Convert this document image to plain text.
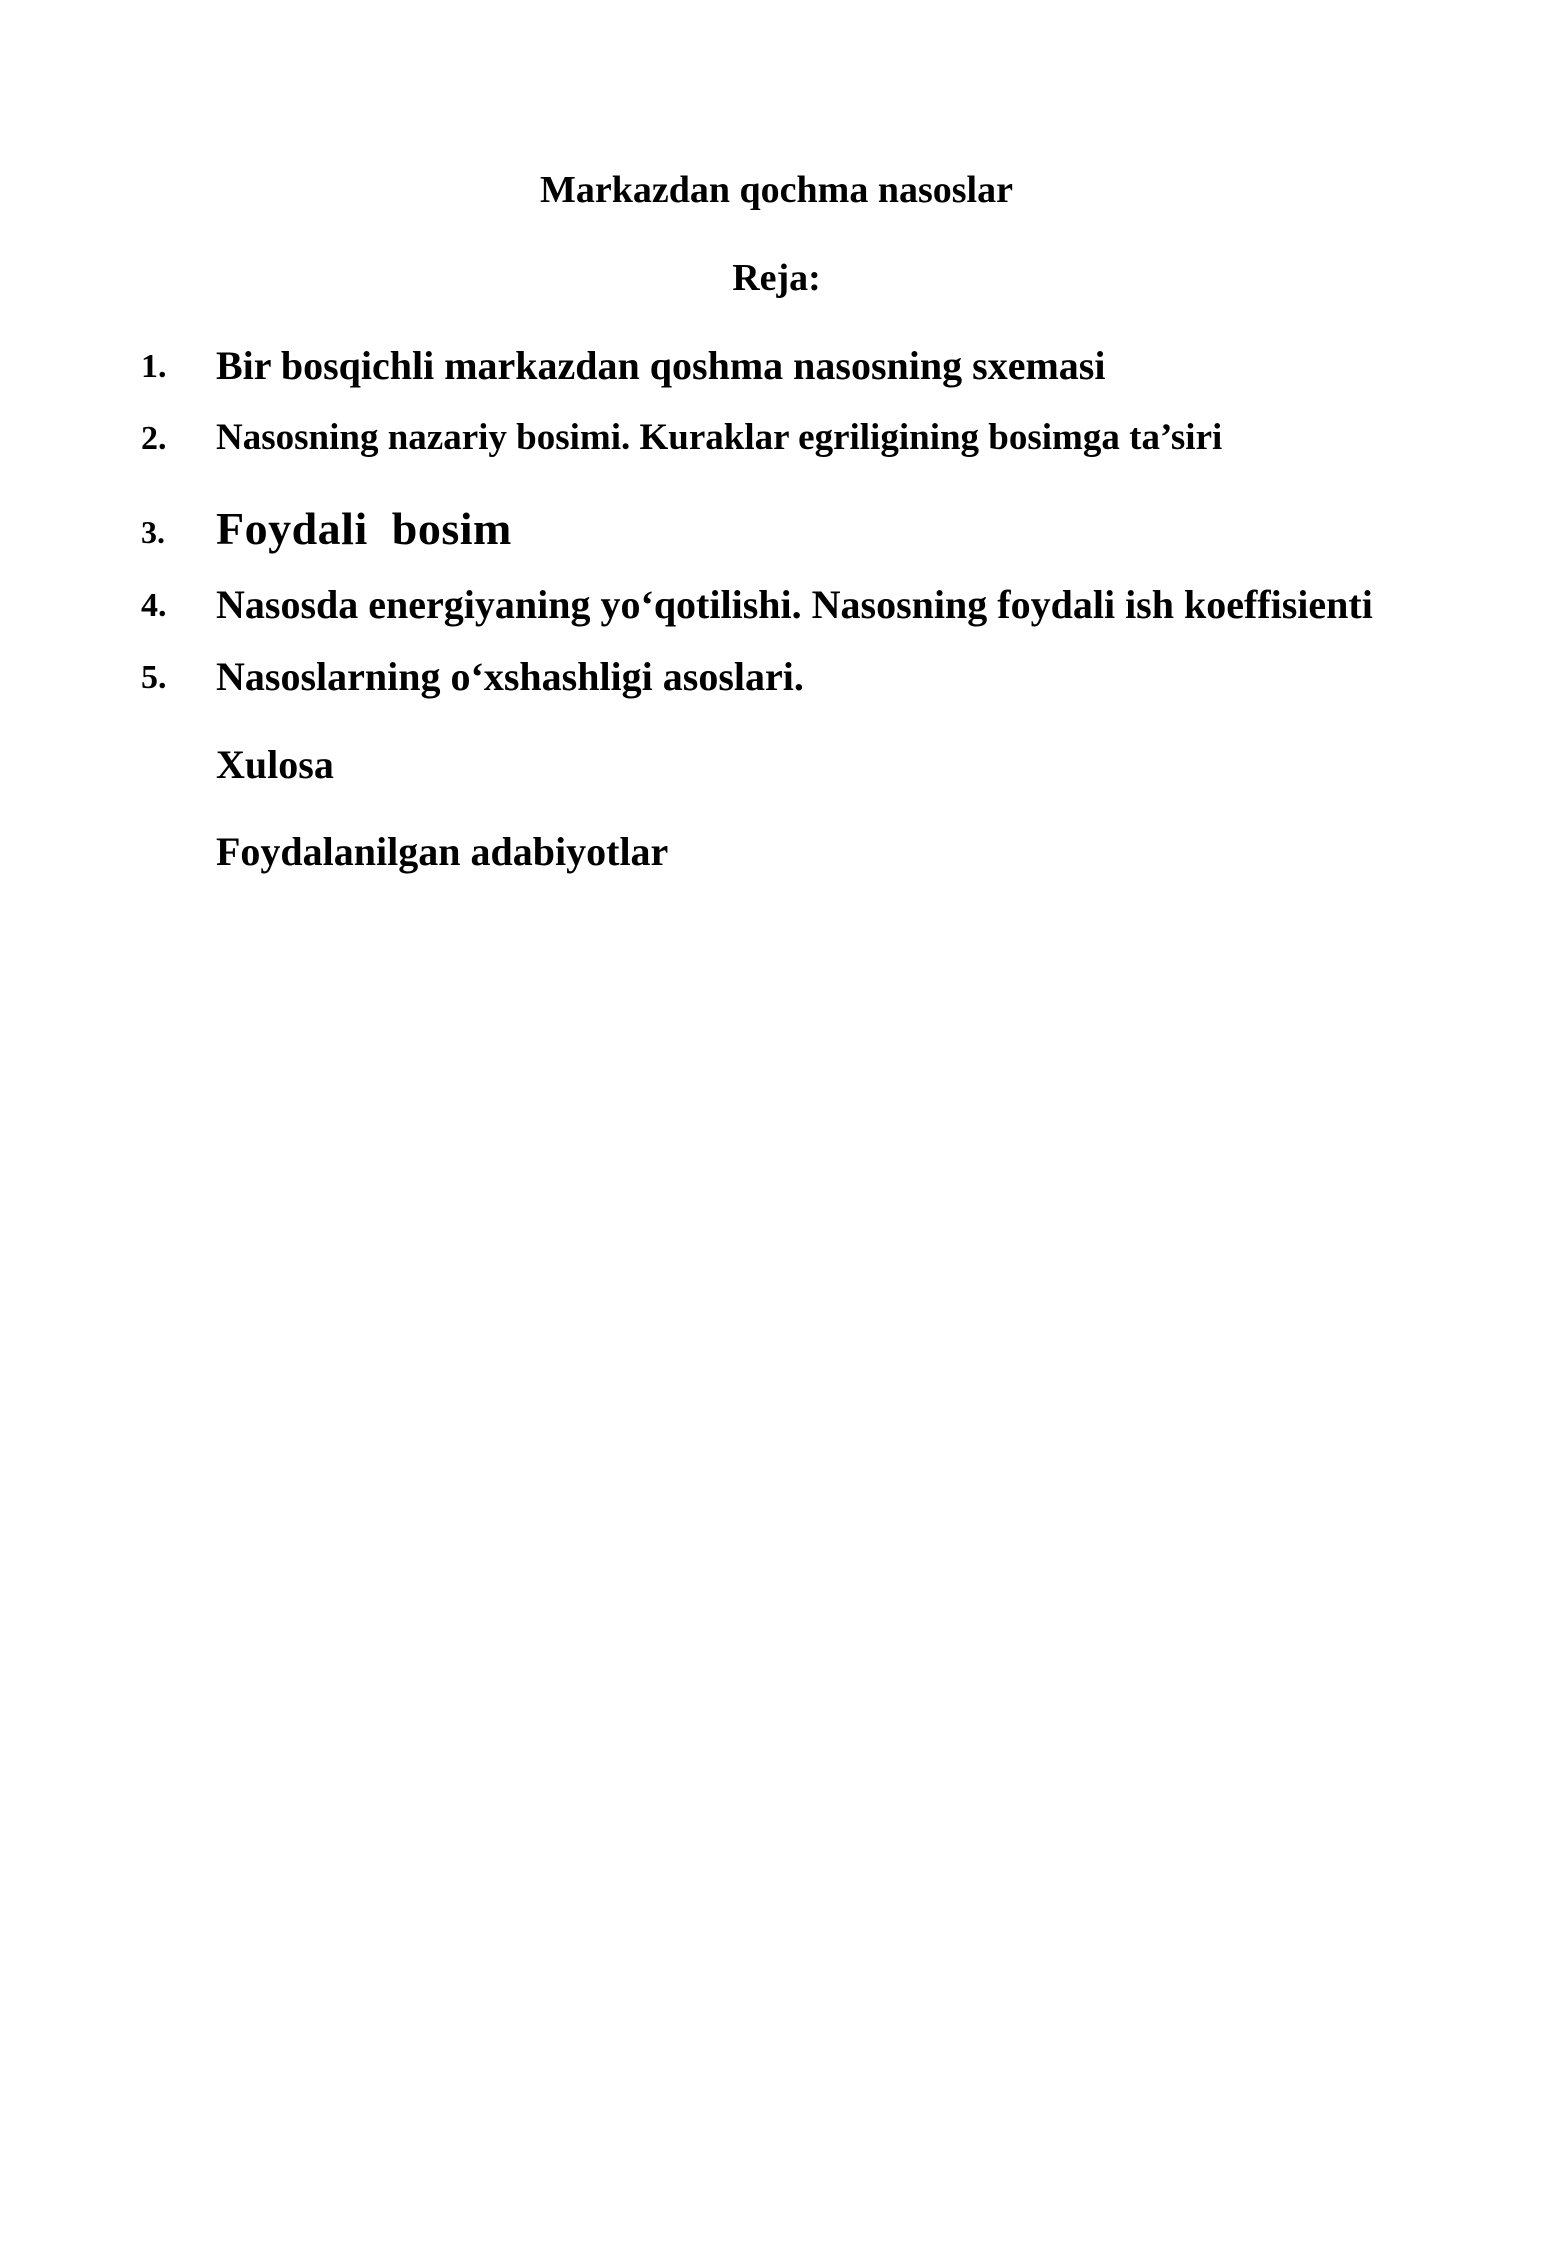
Markazdan qochma nasoslar
Reja:
1. Bir bosqichli markazdan qoshma nasosning sxemasi
2. Nasosning nazariy bosimi. Kuraklar egriligining bosimga ta’siri
3. Foydali  bosim
4. Nasosda energiyaning yo‘qotilishi. Nasosning foydali ish koeffisienti
5. Nasoslarning o‘xshashligi asoslari.
Xulosa
Foydalanilgan adabiyotlar
